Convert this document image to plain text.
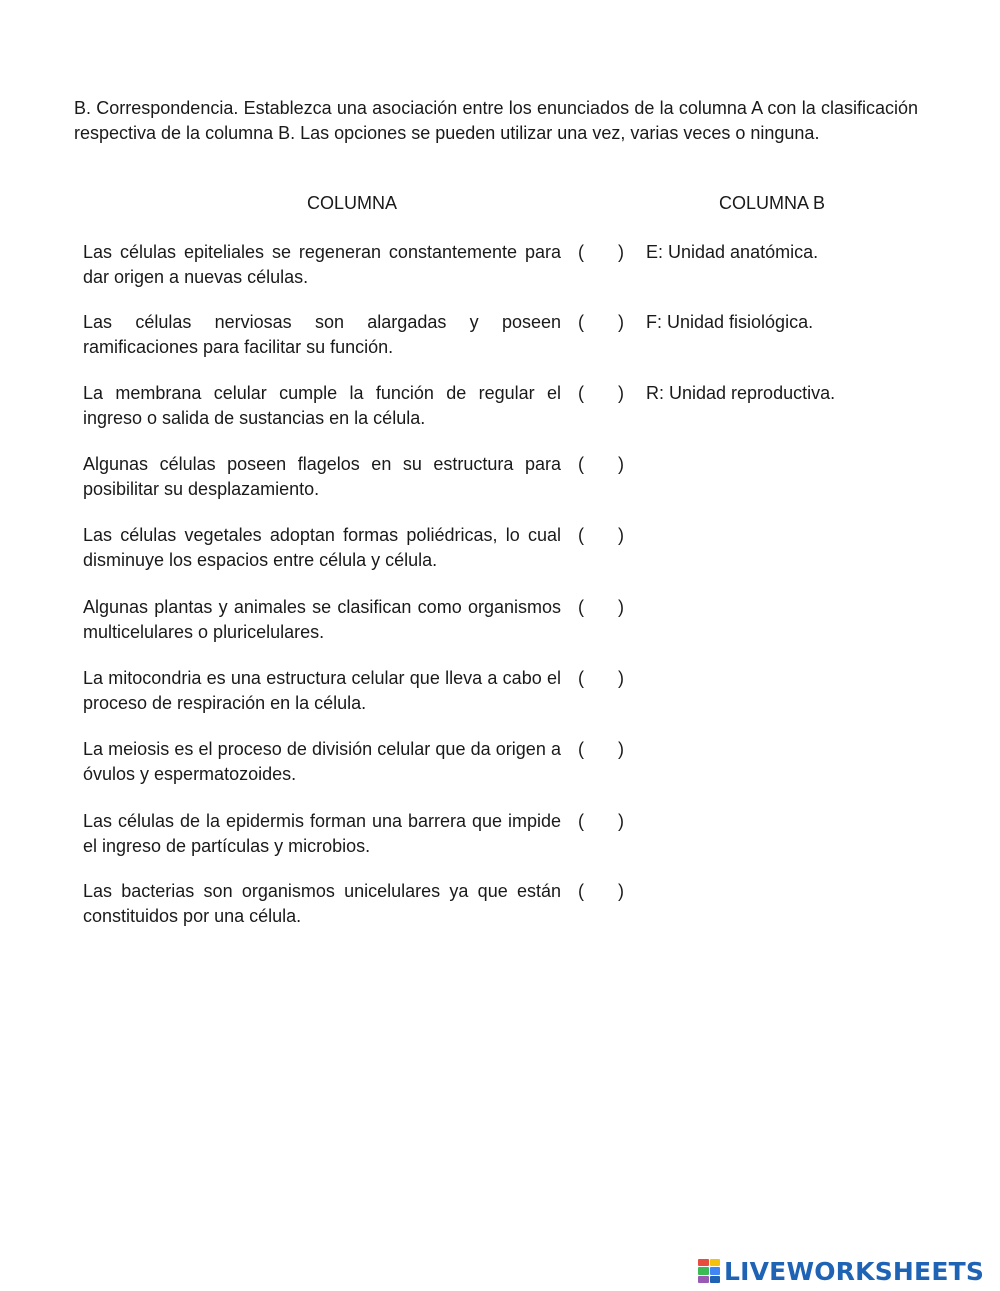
B. Correspondencia. Establezca una asociación entre los enunciados de la columna A con la clasificación respectiva de la columna B. Las opciones se pueden utilizar una vez, varias veces o ninguna.

COLUMNA	COLUMNA B
Las células epiteliales se regeneran constantemente para dar origen a nuevas células.
( )
Las células nerviosas son alargadas y poseen ramificaciones para facilitar su función.
( )
La membrana celular cumple la función de regular el ingreso o salida de sustancias en la célula.
( )
Algunas células poseen flagelos en su estructura para posibilitar su desplazamiento.
( )
Las células vegetales adoptan formas poliédricas, lo cual disminuye los espacios entre célula y célula.
( )
Algunas plantas y animales se clasifican como organismos multicelulares o pluricelulares.
( )
La mitocondria es una estructura celular que lleva a cabo el proceso de respiración en la célula.
( )
La meiosis es el proceso de división celular que da origen a óvulos y espermatozoides.
( )
Las células de la epidermis forman una barrera que impide el ingreso de partículas y microbios.
( )
Las bacterias son organismos unicelulares ya que están constituidos por una célula.
( )
E: Unidad anatómica.
F: Unidad fisiológica.
R: Unidad reproductiva.
LIVEWORKSHEETS
